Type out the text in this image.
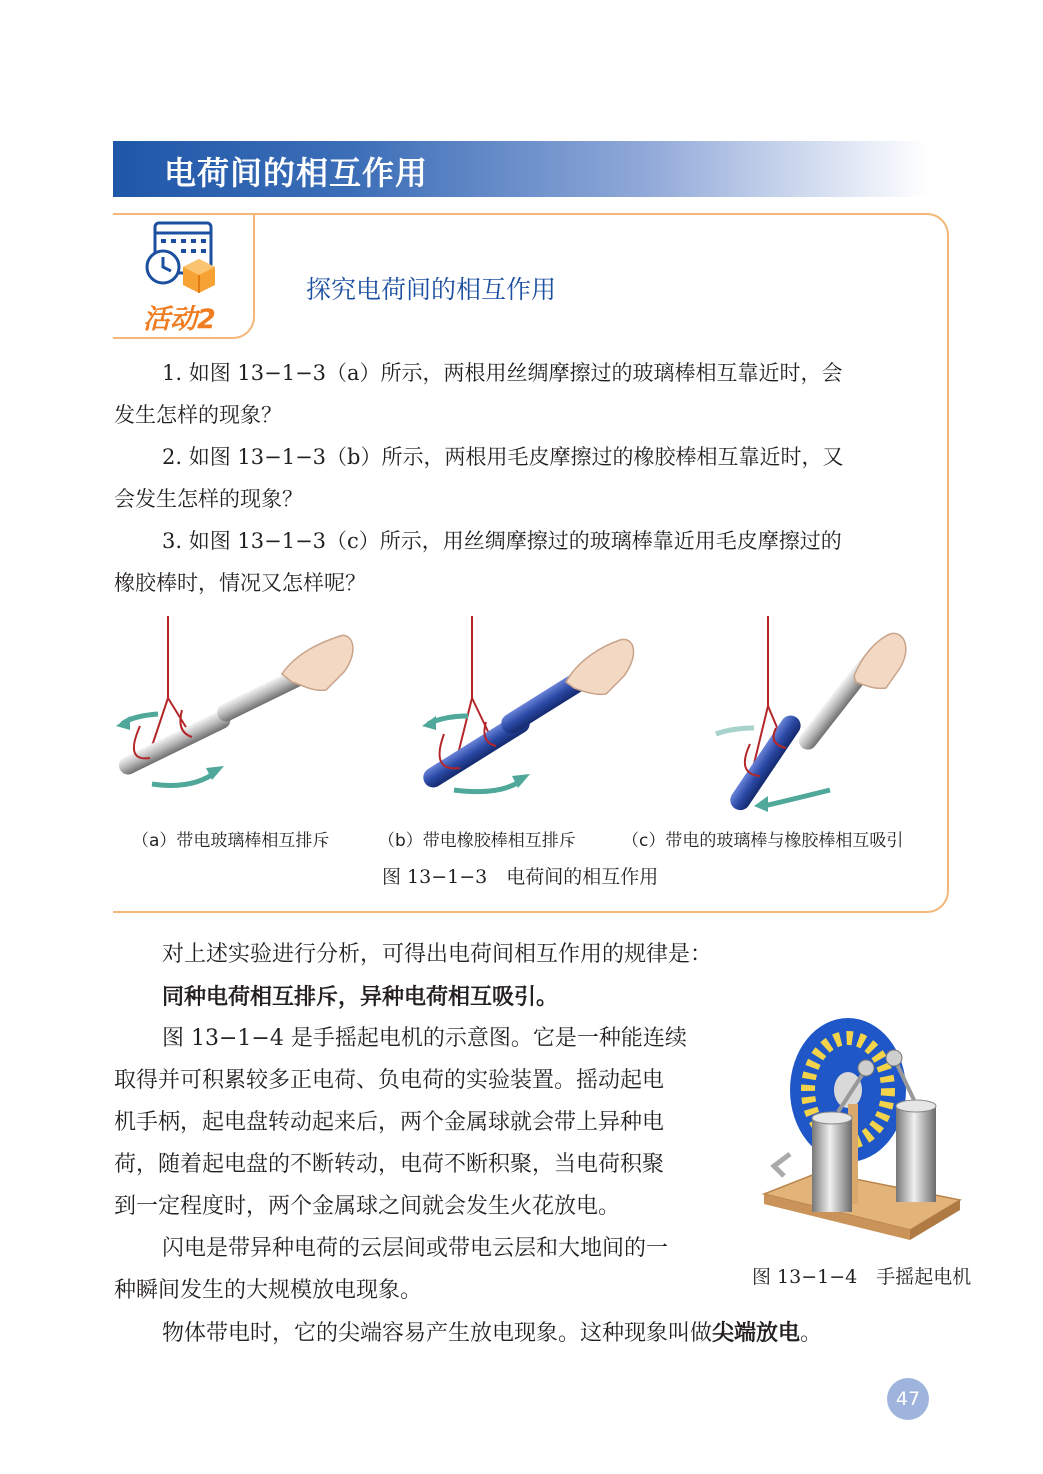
电荷间的相互作用
活动2
探究电荷间的相互作用
1. 如图 13−1−3（a）所示，两根用丝绸摩擦过的玻璃棒相互靠近时，会
发生怎样的现象？
2. 如图 13−1−3（b）所示，两根用毛皮摩擦过的橡胶棒相互靠近时，又
会发生怎样的现象？
3. 如图 13−1−3（c）所示，用丝绸摩擦过的玻璃棒靠近用毛皮摩擦过的
橡胶棒时，情况又怎样呢？
（a）带电玻璃棒相互排斥	（b）带电橡胶棒相互排斥	（c）带电的玻璃棒与橡胶棒相互吸引
图 13−1−3　电荷间的相互作用
对上述实验进行分析，可得出电荷间相互作用的规律是：
同种电荷相互排斥，异种电荷相互吸引。
图 13−1−4 是手摇起电机的示意图。它是一种能连续
取得并可积累较多正电荷、负电荷的实验装置。摇动起电
机手柄，起电盘转动起来后，两个金属球就会带上异种电
荷，随着起电盘的不断转动，电荷不断积聚，当电荷积聚
到一定程度时，两个金属球之间就会发生火花放电。
闪电是带异种电荷的云层间或带电云层和大地间的一
种瞬间发生的大规模放电现象。
物体带电时，它的尖端容易产生放电现象。这种现象叫做尖端放电。
图 13−1−4　手摇起电机
47
